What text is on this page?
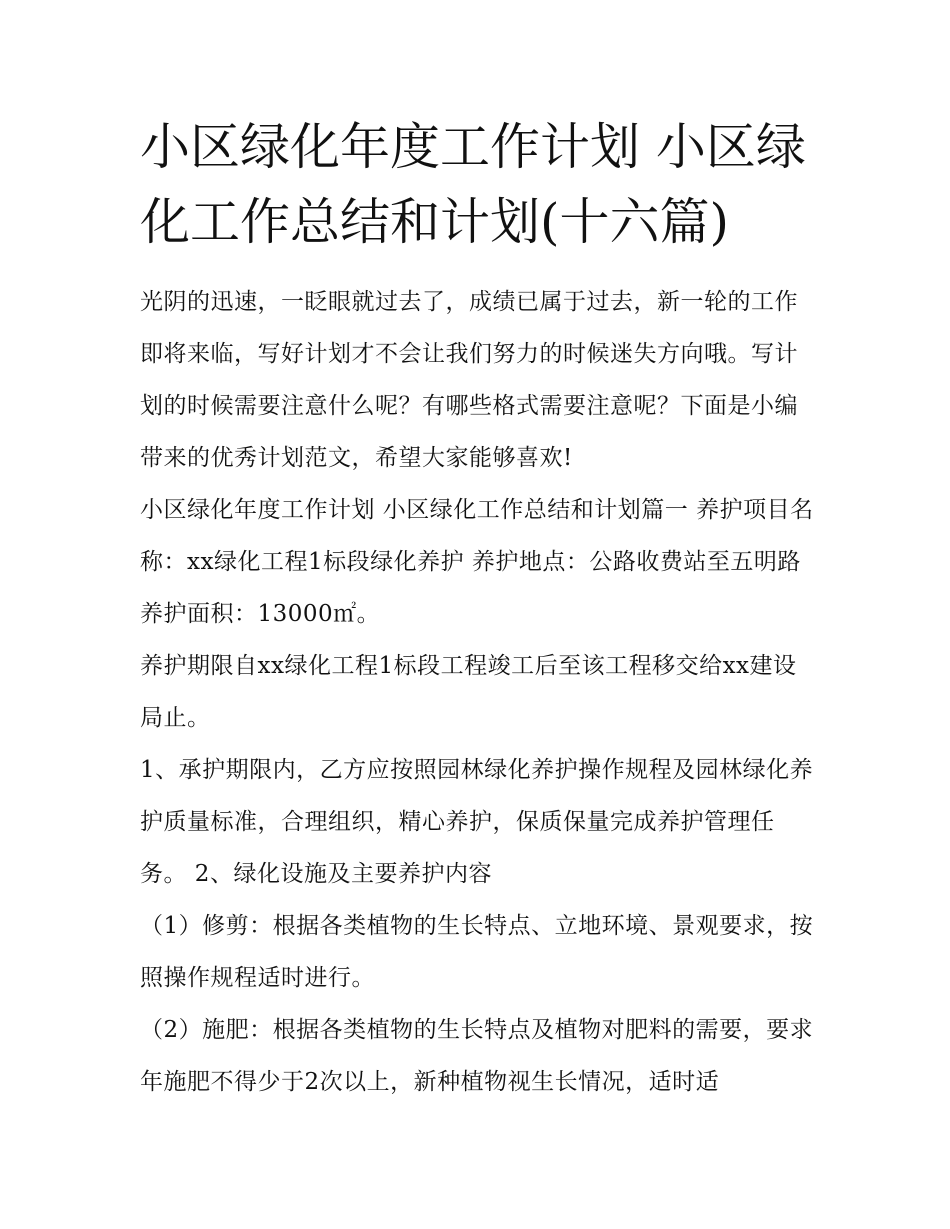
小区绿化年度工作计划 小区绿化工作总结和计划(十六篇)

光阴的迅速，一眨眼就过去了，成绩已属于过去，新一轮的工作即将来临，写好计划才不会让我们努力的时候迷失方向哦。写计划的时候需要注意什么呢？有哪些格式需要注意呢？下面是小编带来的优秀计划范文，希望大家能够喜欢!

小区绿化年度工作计划 小区绿化工作总结和计划篇一 养护项目名称：xx绿化工程1标段绿化养护 养护地点：公路收费站至五明路 养护面积：13000㎡。

养护期限自xx绿化工程1标段工程竣工后至该工程移交给xx建设局止。

1、承护期限内，乙方应按照园林绿化养护操作规程及园林绿化养护质量标准，合理组织，精心养护，保质保量完成养护管理任务。 2、绿化设施及主要养护内容

（1）修剪：根据各类植物的生长特点、立地环境、景观要求，按照操作规程适时进行。

（2）施肥：根据各类植物的生长特点及植物对肥料的需要，要求年施肥不得少于2次以上，新种植物视生长情况，适时适
